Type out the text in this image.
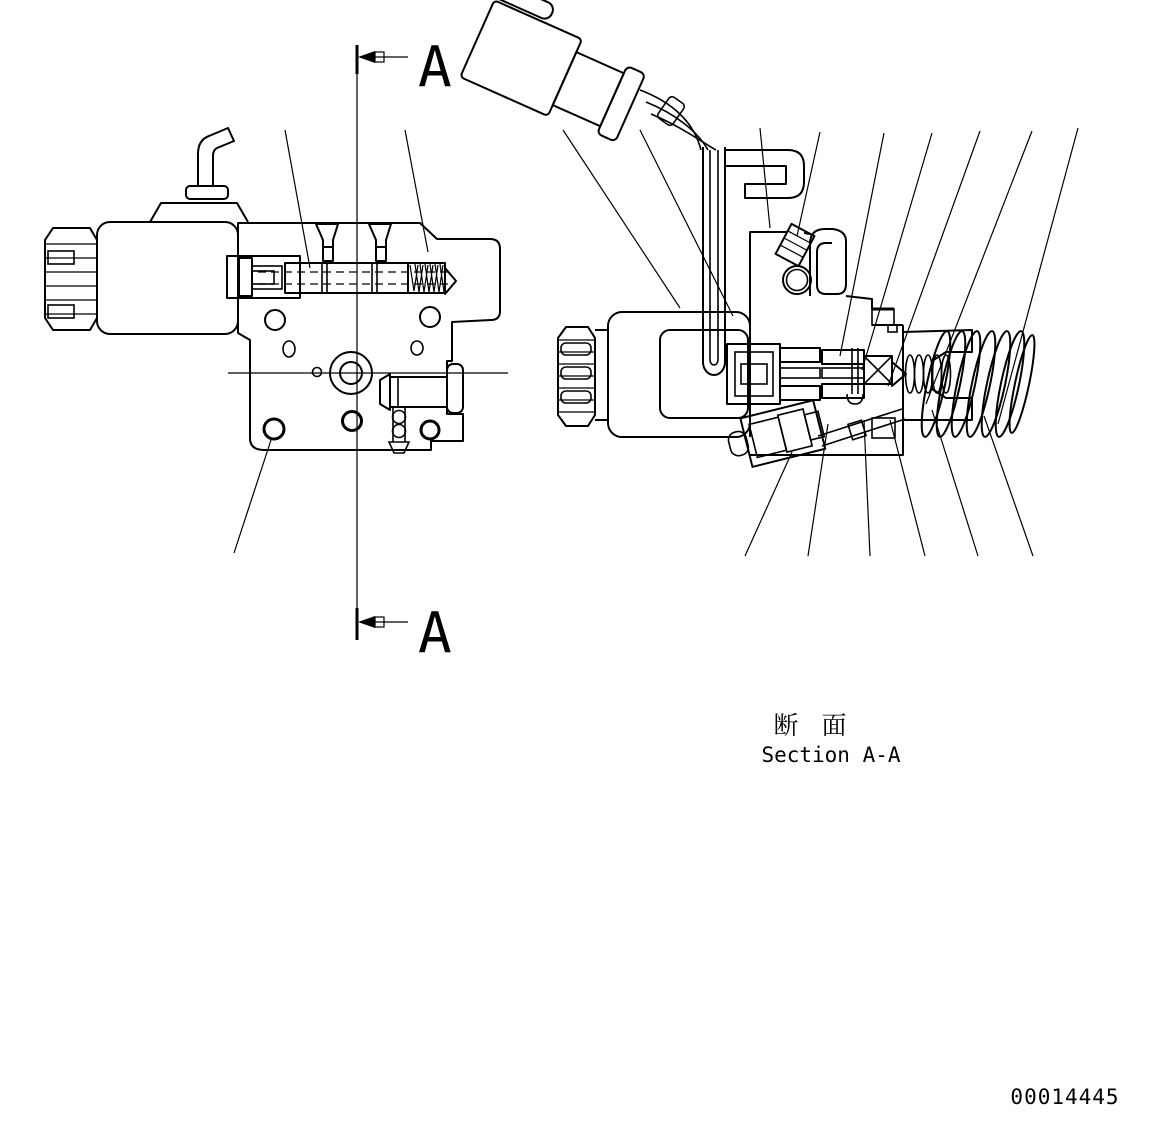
A
A
断 面
Section A-A
00014445
